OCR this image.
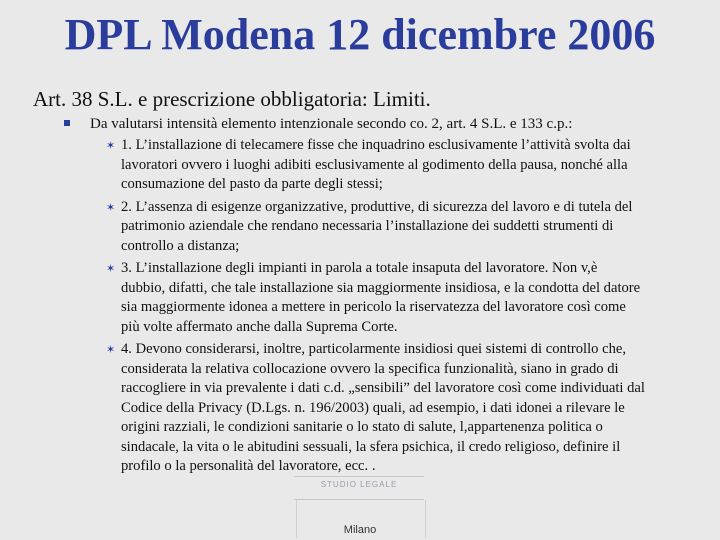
DPL Modena 12 dicembre 2006
Art. 38 S.L. e prescrizione obbligatoria: Limiti.
Da valutarsi intensità elemento intenzionale secondo co. 2, art. 4 S.L. e 133 c.p.:
✶ 1. L’installazione di telecamere fisse che inquadrino esclusivamente l’attività svolta dai
lavoratori ovvero i luoghi adibiti esclusivamente al godimento della pausa, nonché alla
consumazione del pasto da parte degli stessi;
✶ 2. L’assenza di esigenze organizzative, produttive, di sicurezza del lavoro e di tutela del
patrimonio aziendale che rendano necessaria l’installazione dei suddetti strumenti di
controllo a distanza;
✶ 3. L’installazione degli impianti in parola a totale insaputa del lavoratore. Non v,è
dubbio, difatti, che tale installazione sia maggiormente insidiosa, e la condotta del datore
sia maggiormente idonea a mettere in pericolo la riservatezza del lavoratore così come
più volte affermato anche dalla Suprema Corte.
✶ 4. Devono considerarsi, inoltre, particolarmente insidiosi quei sistemi di controllo che,
considerata la relativa collocazione ovvero la specifica funzionalità, siano in grado di
raccogliere in via prevalente i dati c.d. „sensibili” del lavoratore così come individuati dal
Codice della Privacy (D.Lgs. n. 196/2003) quali, ad esempio, i dati idonei a rilevare le
origini razziali, le condizioni sanitarie o lo stato di salute, l,appartenenza politica o
sindacale, la vita o le abitudini sessuali, la sfera psichica, il credo religioso, definire il
profilo o la personalità del lavoratore, ecc. .
STUDIO LEGALE
Milano
